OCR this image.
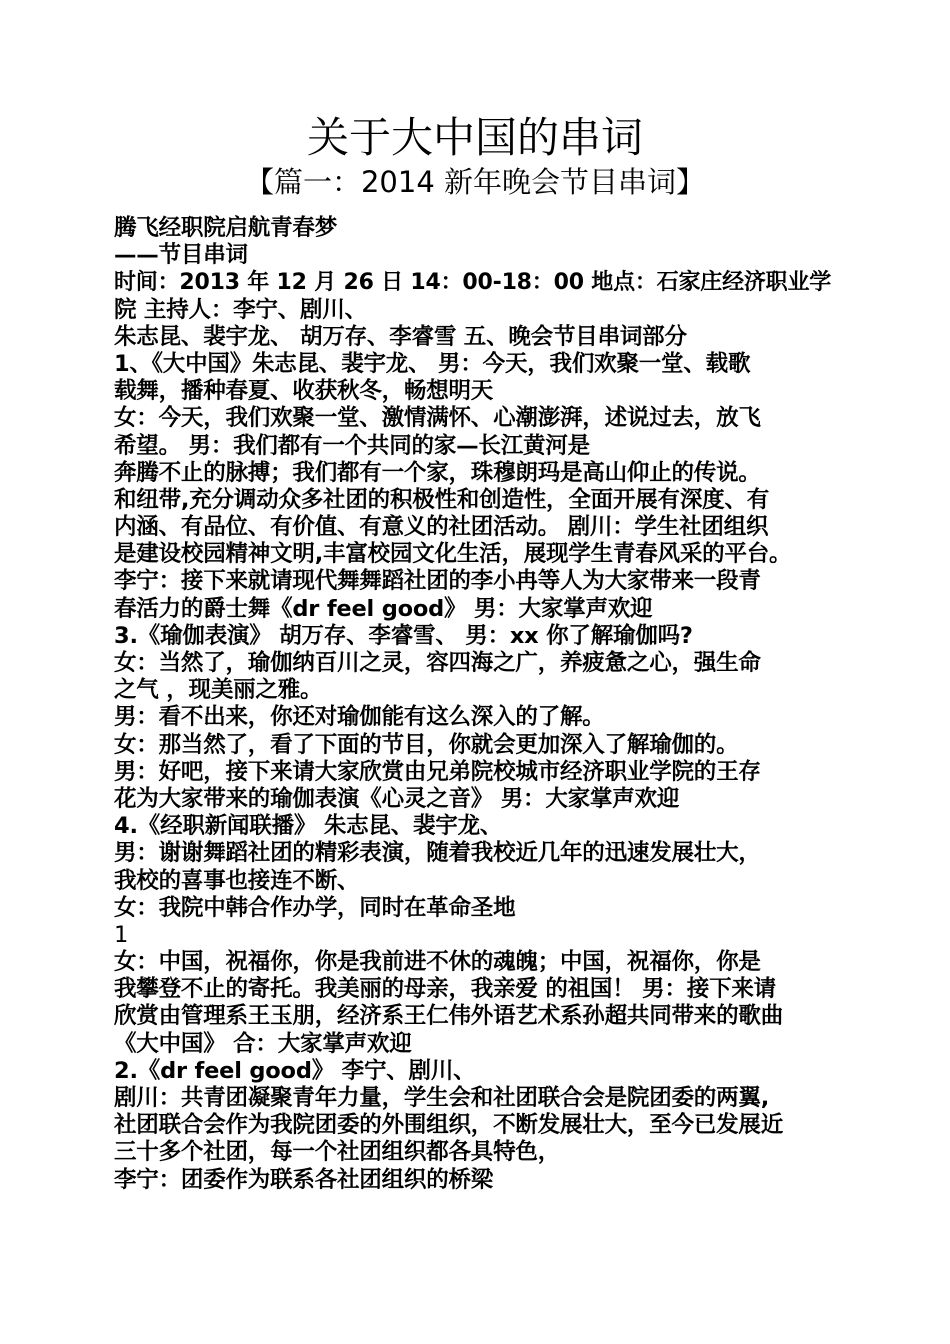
关于大中国的串词
【篇一：2014 新年晚会节目串词】
腾飞经职院启航青春梦
——节目串词
时间：2013 年 12 月 26 日 14：00-18：00 地点：石家庄经济职业学
院 主持人：李宁、剧川、
朱志昆、裴宇龙、 胡万存、李睿雪 五、晚会节目串词部分
1、《大中国》朱志昆、裴宇龙、 男：今天，我们欢聚一堂、载歌
载舞，播种春夏、收获秋冬，畅想明天
女：今天，我们欢聚一堂、激情满怀、心潮澎湃，述说过去，放飞
希望。 男：我们都有一个共同的家—长江黄河是
奔腾不止的脉搏；我们都有一个家，珠穆朗玛是高山仰止的传说。
和纽带,充分调动众多社团的积极性和创造性，全面开展有深度、有
内涵、有品位、有价值、有意义的社团活动。 剧川：学生社团组织
是建设校园精神文明,丰富校园文化生活，展现学生青春风采的平台。
李宁：接下来就请现代舞舞蹈社团的李小冉等人为大家带来一段青
春活力的爵士舞《dr feel good》 男：大家掌声欢迎
3.《瑜伽表演》 胡万存、李睿雪、 男：xx 你了解瑜伽吗?
女：当然了，瑜伽纳百川之灵，容四海之广，养疲惫之心，强生命
之气 ，现美丽之雅。
男：看不出来，你还对瑜伽能有这么深入的了解。
女：那当然了，看了下面的节目，你就会更加深入了解瑜伽的。
男：好吧，接下来请大家欣赏由兄弟院校城市经济职业学院的王存
花为大家带来的瑜伽表演《心灵之音》 男：大家掌声欢迎
4.《经职新闻联播》 朱志昆、裴宇龙、
男：谢谢舞蹈社团的精彩表演，随着我校近几年的迅速发展壮大，
我校的喜事也接连不断、
女：我院中韩合作办学，同时在革命圣地
1
女：中国，祝福你，你是我前进不休的魂魄；中国，祝福你，你是
我攀登不止的寄托。我美丽的母亲，我亲爱 的祖国！ 男：接下来请
欣赏由管理系王玉朋，经济系王仁伟外语艺术系孙超共同带来的歌曲
《大中国》 合：大家掌声欢迎
2.《dr feel good》 李宁、剧川、
剧川：共青团凝聚青年力量，学生会和社团联合会是院团委的两翼,
社团联合会作为我院团委的外围组织，不断发展壮大，至今已发展近
三十多个社团，每一个社团组织都各具特色，
李宁：团委作为联系各社团组织的桥梁
